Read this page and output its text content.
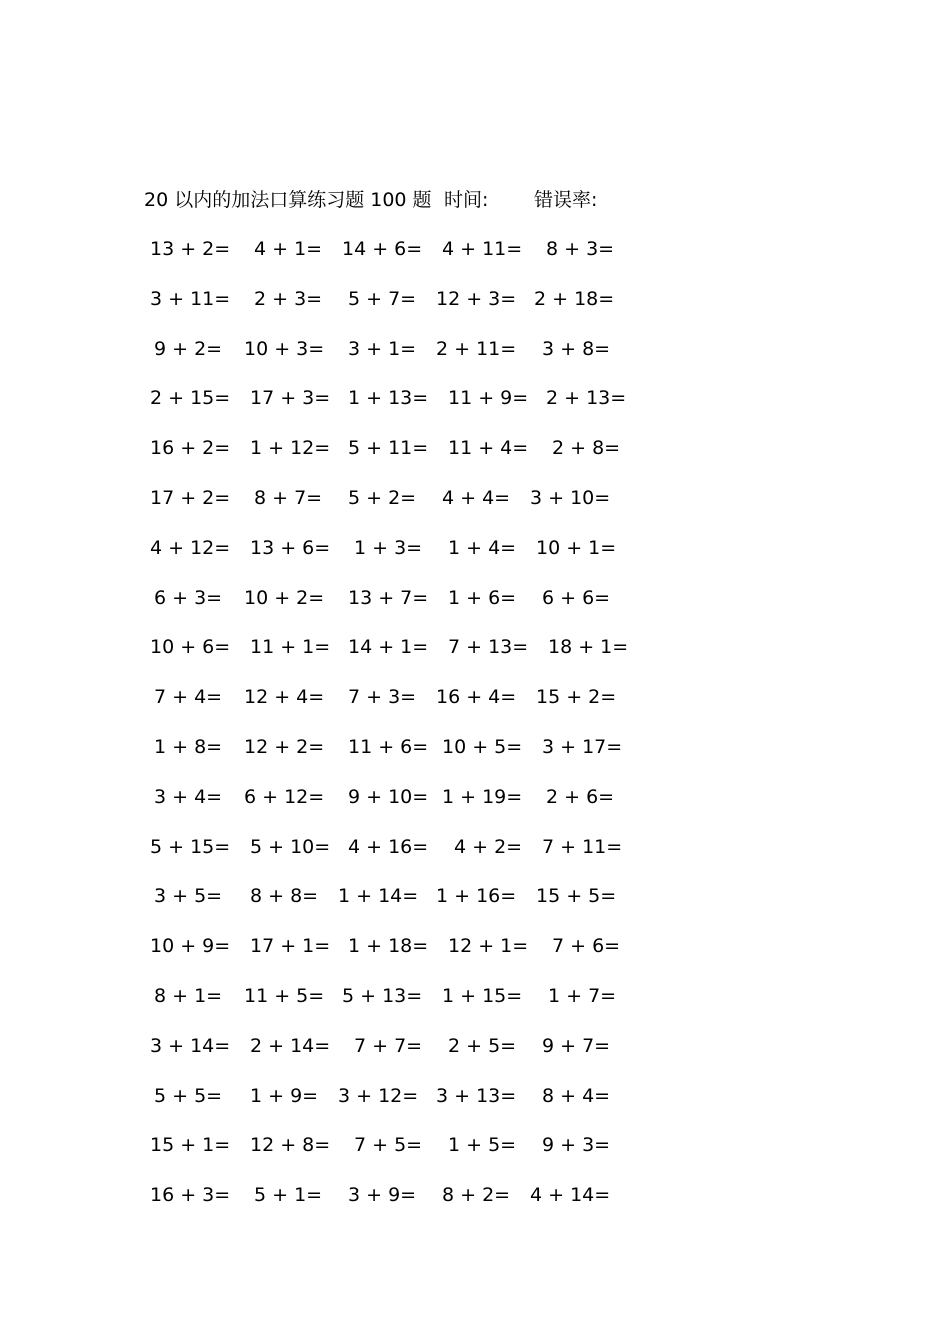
20 以内的加法口算练习题 100 题 时间: 错误率:
13 + 2= 4 + 1= 14 + 6= 4 + 11= 8 + 3=
3 + 11= 2 + 3= 5 + 7= 12 + 3= 2 + 18=
9 + 2= 10 + 3= 3 + 1= 2 + 11= 3 + 8=
2 + 15= 17 + 3= 1 + 13= 11 + 9= 2 + 13=
16 + 2= 1 + 12= 5 + 11= 11 + 4= 2 + 8=
17 + 2= 8 + 7= 5 + 2= 4 + 4= 3 + 10=
4 + 12= 13 + 6= 1 + 3= 1 + 4= 10 + 1=
6 + 3= 10 + 2= 13 + 7= 1 + 6= 6 + 6=
10 + 6= 11 + 1= 14 + 1= 7 + 13= 18 + 1=
7 + 4= 12 + 4= 7 + 3= 16 + 4= 15 + 2=
1 + 8= 12 + 2= 11 + 6= 10 + 5= 3 + 17=
3 + 4= 6 + 12= 9 + 10= 1 + 19= 2 + 6=
5 + 15= 5 + 10= 4 + 16= 4 + 2= 7 + 11=
3 + 5= 8 + 8= 1 + 14= 1 + 16= 15 + 5=
10 + 9= 17 + 1= 1 + 18= 12 + 1= 7 + 6=
8 + 1= 11 + 5= 5 + 13= 1 + 15= 1 + 7=
3 + 14= 2 + 14= 7 + 7= 2 + 5= 9 + 7=
5 + 5= 1 + 9= 3 + 12= 3 + 13= 8 + 4=
15 + 1= 12 + 8= 7 + 5= 1 + 5= 9 + 3=
16 + 3= 5 + 1= 3 + 9= 8 + 2= 4 + 14=
